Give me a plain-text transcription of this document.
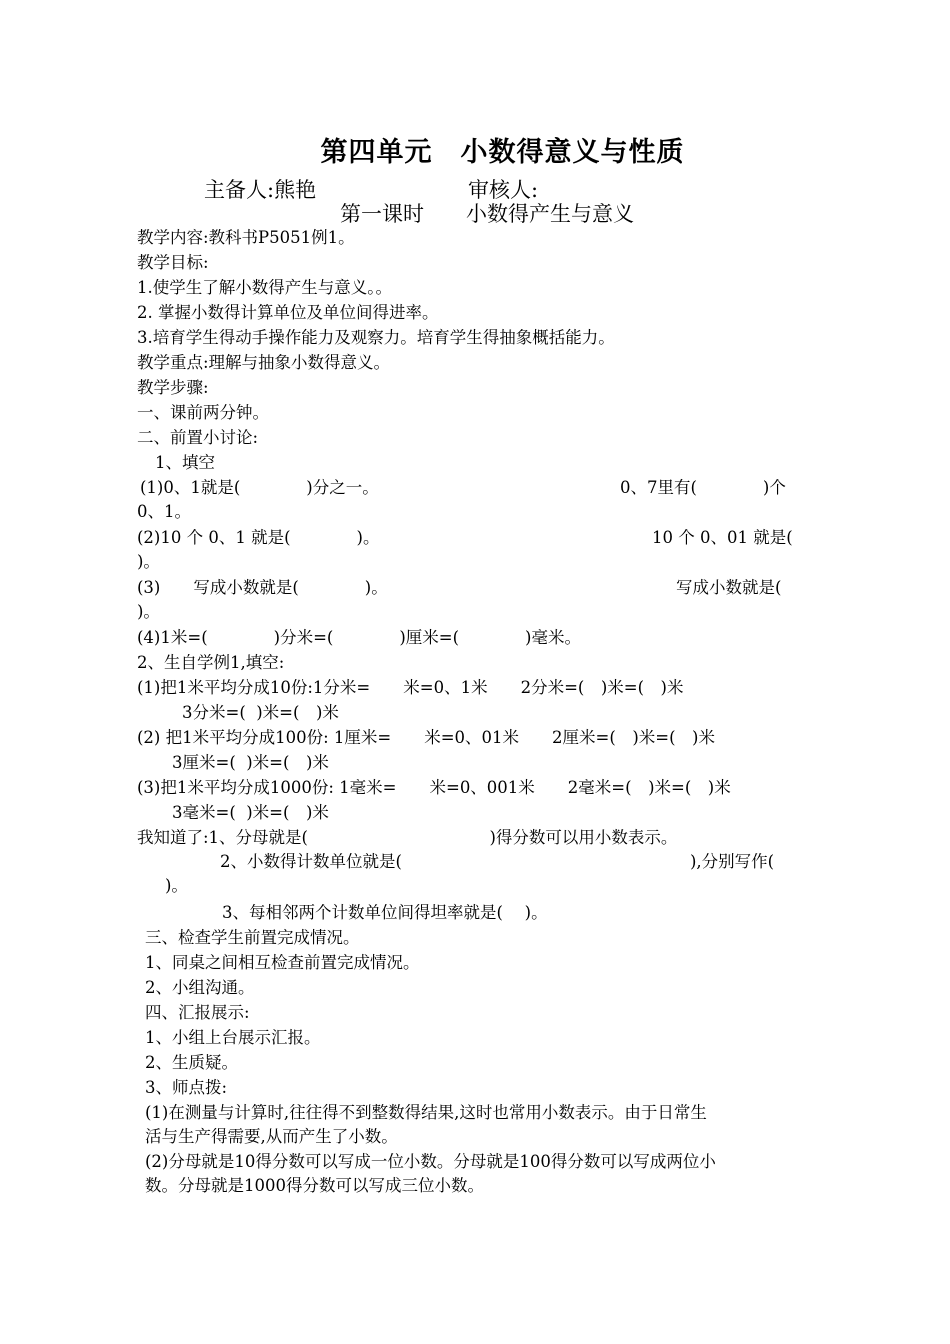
第四单元　小数得意义与性质
主备人:熊艳	审核人:
第一课时　　小数得产生与意义
教学内容:教科书P5051例1。
教学目标:
1.使学生了解小数得产生与意义。。
2. 掌握小数得计算单位及单位间得进率。
3.培育学生得动手操作能力及观察力。培育学生得抽象概括能力。
教学重点:理解与抽象小数得意义。
教学步骤:
一、课前两分钟。
二、前置小讨论:
1、填空
(1)0、1就是(　　　　)分之一。	0、7里有(　　　　)个
0、1。
(2)10 个 0、1 就是(　　　　)。	10 个 0、01 就是(
)。
(3)　　写成小数就是(　　　　)。	写成小数就是(
)。
(4)1米=(　　　　)分米=(　　　　)厘米=(　　　　)毫米。
2、生自学例1,填空:
(1)把1米平均分成10份:1分米=　　米=0、1米　　2分米=(　)米=(　)米
3分米=(  )米=(　)米
(2) 把1米平均分成100份: 1厘米=　　米=0、01米　　2厘米=(　)米=(　)米
3厘米=(  )米=(　)米
(3)把1米平均分成1000份: 1毫米=　　米=0、001米　　2毫米=(　)米=(　)米
3毫米=(  )米=(　)米
我知道了:1、分母就是(　　　　　　　　　　　)得分数可以用小数表示。
2、小数得计数单位就是(	),分别写作(
)。
3、每相邻两个计数单位间得坦率就是(　 )。
三、检查学生前置完成情况。
1、同桌之间相互检查前置完成情况。
2、小组沟通。
四、汇报展示:
1、小组上台展示汇报。
2、生质疑。
3、师点拨:
(1)在测量与计算时,往往得不到整数得结果,这时也常用小数表示。由于日常生
活与生产得需要,从而产生了小数。
(2)分母就是10得分数可以写成一位小数。分母就是100得分数可以写成两位小
数。分母就是1000得分数可以写成三位小数。
